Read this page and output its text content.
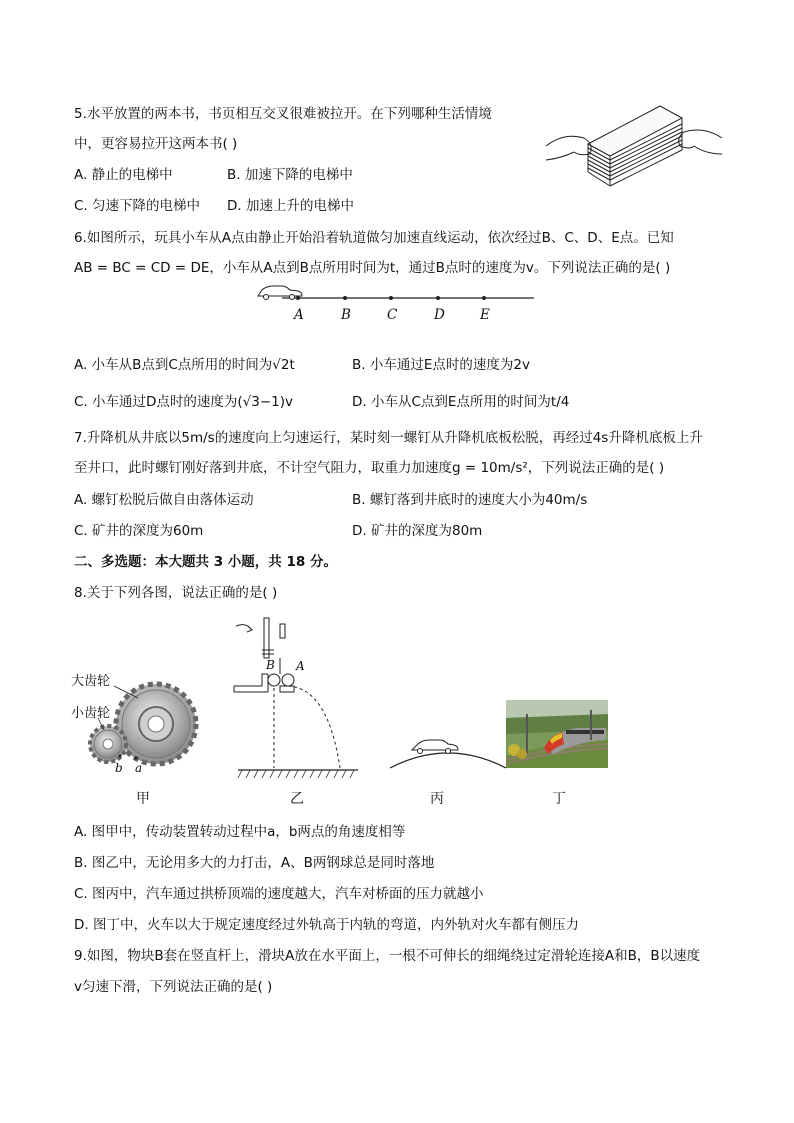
5.水平放置的两本书，书页相互交叉很难被拉开。在下列哪种生活情境
中，更容易拉开这两本书( )
A. 静止的电梯中	B. 加速下降的电梯中
C. 匀速下降的电梯中 D. 加速上升的电梯中
6.如图所示，玩具小车从A点由静止开始沿着轨道做匀加速直线运动，依次经过B、C、D、E点。已知
AB = BC = CD = DE，小车从A点到B点所用时间为t，通过B点时的速度为v。下列说法正确的是( )
A	B	C	D	E
A. 小车从B点到C点所用的时间为√2t	B. 小车通过E点时的速度为2v
C. 小车通过D点时的速度为(√3−1)v	D. 小车从C点到E点所用的时间为t/4
7.升降机从井底以5m/s的速度向上匀速运行，某时刻一螺钉从升降机底板松脱，再经过4s升降机底板上升
至井口，此时螺钉刚好落到井底，不计空气阻力，取重力加速度g = 10m/s²，下列说法正确的是( )
A. 螺钉松脱后做自由落体运动	B. 螺钉落到井底时的速度大小为40m/s
C. 矿井的深度为60m	D. 矿井的深度为80m
二、多选题：本大题共 3 小题，共 18 分。
8.关于下列各图，说法正确的是( )
大齿轮
小齿轮
b a
甲
B A
乙	丙	丁
A. 图甲中，传动装置转动过程中a，b两点的角速度相等
B. 图乙中，无论用多大的力打击，A、B两钢球总是同时落地
C. 图丙中，汽车通过拱桥顶端的速度越大，汽车对桥面的压力就越小
D. 图丁中，火车以大于规定速度经过外轨高于内轨的弯道，内外轨对火车都有侧压力
9.如图，物块B套在竖直杆上，滑块A放在水平面上，一根不可伸长的细绳绕过定滑轮连接A和B，B以速度
v匀速下滑，下列说法正确的是( )
